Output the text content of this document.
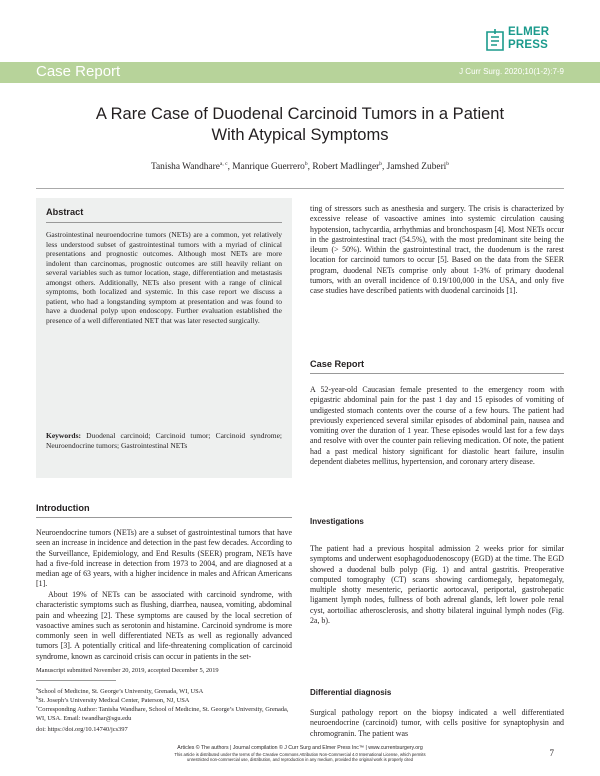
ELMER
PRESS
Case Report	J Curr Surg. 2020;10(1-2):7-9
A Rare Case of Duodenal Carcinoid Tumors in a Patient
With Atypical Symptoms
Tanisha Wandhare$^{a, c}$, Manrique Guerrero$^b$, Robert Madlinger$^b$, Jamshed Zuberi$^b$
Abstract

Gastrointestinal neuroendocrine tumors (NETs) are a common, yet relatively less understood subset of gastrointestinal tumors with a myriad of clinical presentations and prognostic outcomes. Although most NETs are more indolent than carcinomas, prognostic outcomes are still heavily reliant on several variables such as tumor location, stage, differentiation and metastasis amongst others. Additionally, NETs also present with a range of clinical symptoms, both localized and systemic. In this case report we discuss a patient, who had a longstanding symptom at presentation and was found to have a duodenal polyp upon endoscopy. Further evaluation established the presence of a well differentiated NET that was later resected surgically.

Keywords: Duodenal carcinoid; Carcinoid tumor; Carcinoid syndrome; Neuroendocrine tumors; Gastrointestinal NETs

Introduction

Neuroendocrine tumors (NETs) are a subset of gastrointestinal tumors that have seen an increase in incidence and detection in the past few decades. According to the Surveillance, Epidemiology, and End Results (SEER) program, NETs have had a five-fold increase in detection from 1973 to 2004, and are diagnosed at a median age of 63 years, with a higher incidence in males and African Americans [1].

About 19% of NETs can be associated with carcinoid syndrome, with characteristic symptoms such as flushing, diarrhea, nausea, vomiting, abdominal pain and wheezing [2]. These symptoms are caused by the local secretion of vasoactive amines such as serotonin and histamine. Carcinoid syndrome is more commonly seen in well differentiated NETs as well as regionally advanced tumors [3]. A potentially critical and life-threatening complication of carcinoid syndrome, known as carcinoid crisis can occur in patients in the set-

Manuscript submitted November 20, 2019, accepted December 5, 2019

$^a$School of Medicine, St. George’s University, Grenada, WI, USA

$^b$St. Joseph’s University Medical Center, Paterson, NJ, USA

$^c$Corresponding Author: Tanisha Wandhare, School of Medicine, St. George’s University, Grenada, WI, USA. Email: twandhar@sgu.edu

doi: https://doi.org/10.14740/jcs397

ting of stressors such as anesthesia and surgery. The crisis is characterized by excessive release of vasoactive amines into systemic circulation causing hypotension, tachycardia, arrhythmias and bronchospasm [4]. Most NETs occur in the gastrointestinal tract (54.5%), with the most predominant site being the ileum (> 50%). Within the gastrointestinal tract, the duodenum is the rarest location for carcinoid tumors to occur [5]. Based on the data from the SEER program, duodenal NETs comprise only about 1-3% of primary duodenal tumors, with an overall incidence of 0.19/100,000 in the USA, and only five case studies have described patients with duodenal carcinoids [1].

Case Report

A 52-year-old Caucasian female presented to the emergency room with epigastric abdominal pain for the past 1 day and 15 episodes of vomiting of undigested stomach contents over the course of a few hours. The patient had previously experienced several similar episodes of abdominal pain, nausea and vomiting over the duration of 1 year. These episodes would last for a few days and resolve with over the counter pain relieving medication. Of note, the patient had a past medical history significant for diastolic heart failure, insulin dependent diabetes mellitus, hypertension, and coronary artery disease.

Investigations

The patient had a previous hospital admission 2 weeks prior for similar symptoms and underwent esophagoduodenoscopy (EGD) at the time. The EGD showed a duodenal bulb polyp (Fig. 1) and antral gastritis. Preoperative computed tomography (CT) scans showing cardiomegaly, hepatomegaly, multiple shotty mesenteric, periaortic aortocaval, periportal, gastrohepatic ligament lymph nodes, fullness of both adrenal glands, left lower pole renal cyst, aortoiliac atherosclerosis, and shotty bilateral inguinal lymph nodes (Fig. 2a, b).

Differential diagnosis

Surgical pathology report on the biopsy indicated a well differentiated neuroendocrine (carcinoid) tumor, with cells positive for synaptophysin and chromogranin. The patient was

Articles © The authors | Journal compilation © J Curr Surg and Elmer Press Inc™ | www.currentsurgery.org
This article is distributed under the terms of the Creative Commons Attribution Non-Commercial 4.0 International License, which permits
unrestricted non-commercial use, distribution, and reproduction in any medium, provided the original work is properly cited
7
